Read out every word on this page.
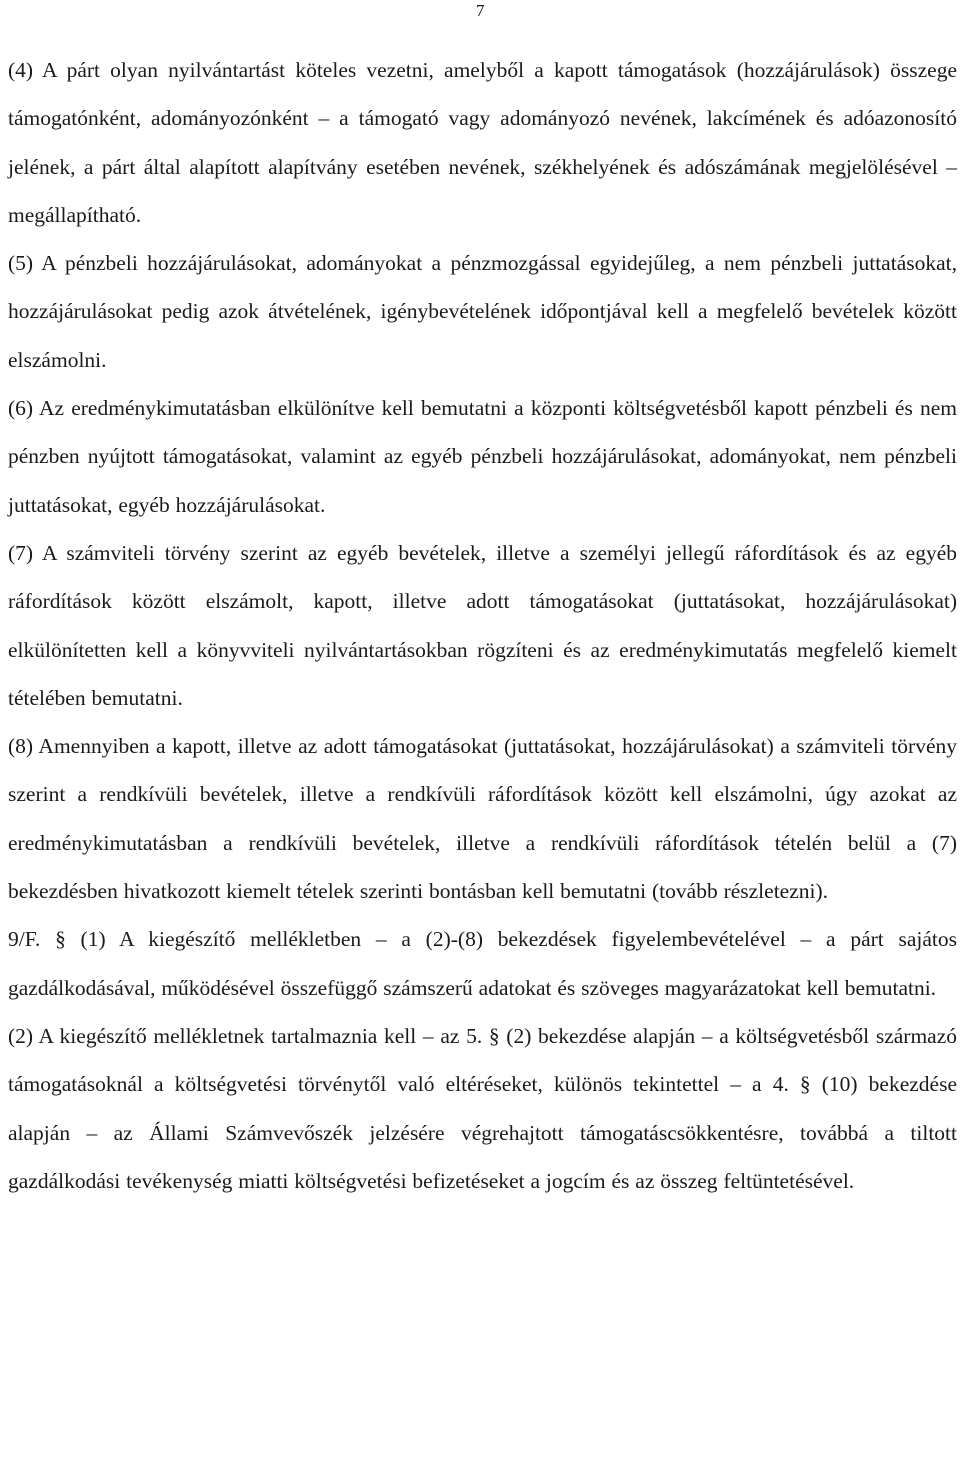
7

(4) A párt olyan nyilvántartást köteles vezetni, amelyből a kapott támogatások (hozzájárulások) összege támogatónként, adományozónként – a támogató vagy adományozó nevének, lakcímének és adóazonosító jelének, a párt által alapított alapítvány esetében nevének, székhelyének és adószámának megjelölésével – megállapítható.

(5) A pénzbeli hozzájárulásokat, adományokat a pénzmozgással egyidejűleg, a nem pénzbeli juttatásokat, hozzájárulásokat pedig azok átvételének, igénybevételének időpontjával kell a megfelelő bevételek között elszámolni.

(6) Az eredménykimutatásban elkülönítve kell bemutatni a központi költségvetésből kapott pénzbeli és nem pénzben nyújtott támogatásokat, valamint az egyéb pénzbeli hozzájárulásokat, adományokat, nem pénzbeli juttatásokat, egyéb hozzájárulásokat.

(7) A számviteli törvény szerint az egyéb bevételek, illetve a személyi jellegű ráfordítások és az egyéb ráfordítások között elszámolt, kapott, illetve adott támogatásokat (juttatásokat, hozzájárulásokat) elkülönítetten kell a könyvviteli nyilvántartásokban rögzíteni és az eredménykimutatás megfelelő kiemelt tételében bemutatni.

(8) Amennyiben a kapott, illetve az adott támogatásokat (juttatásokat, hozzájárulásokat) a számviteli törvény szerint a rendkívüli bevételek, illetve a rendkívüli ráfordítások között kell elszámolni, úgy azokat az eredménykimutatásban a rendkívüli bevételek, illetve a rendkívüli ráfordítások tételén belül a (7) bekezdésben hivatkozott kiemelt tételek szerinti bontásban kell bemutatni (tovább részletezni).

9/F. § (1) A kiegészítő mellékletben – a (2)-(8) bekezdések figyelembevételével – a párt sajátos gazdálkodásával, működésével összefüggő számszerű adatokat és szöveges magyarázatokat kell bemutatni.

(2) A kiegészítő mellékletnek tartalmaznia kell – az 5. § (2) bekezdése alapján – a költségvetésből származó támogatásoknál a költségvetési törvénytől való eltéréseket, különös tekintettel – a 4. § (10) bekezdése alapján – az Állami Számvevőszék jelzésére végrehajtott támogatáscsökkentésre, továbbá a tiltott gazdálkodási tevékenység miatti költségvetési befizetéseket a jogcím és az összeg feltüntetésével.
